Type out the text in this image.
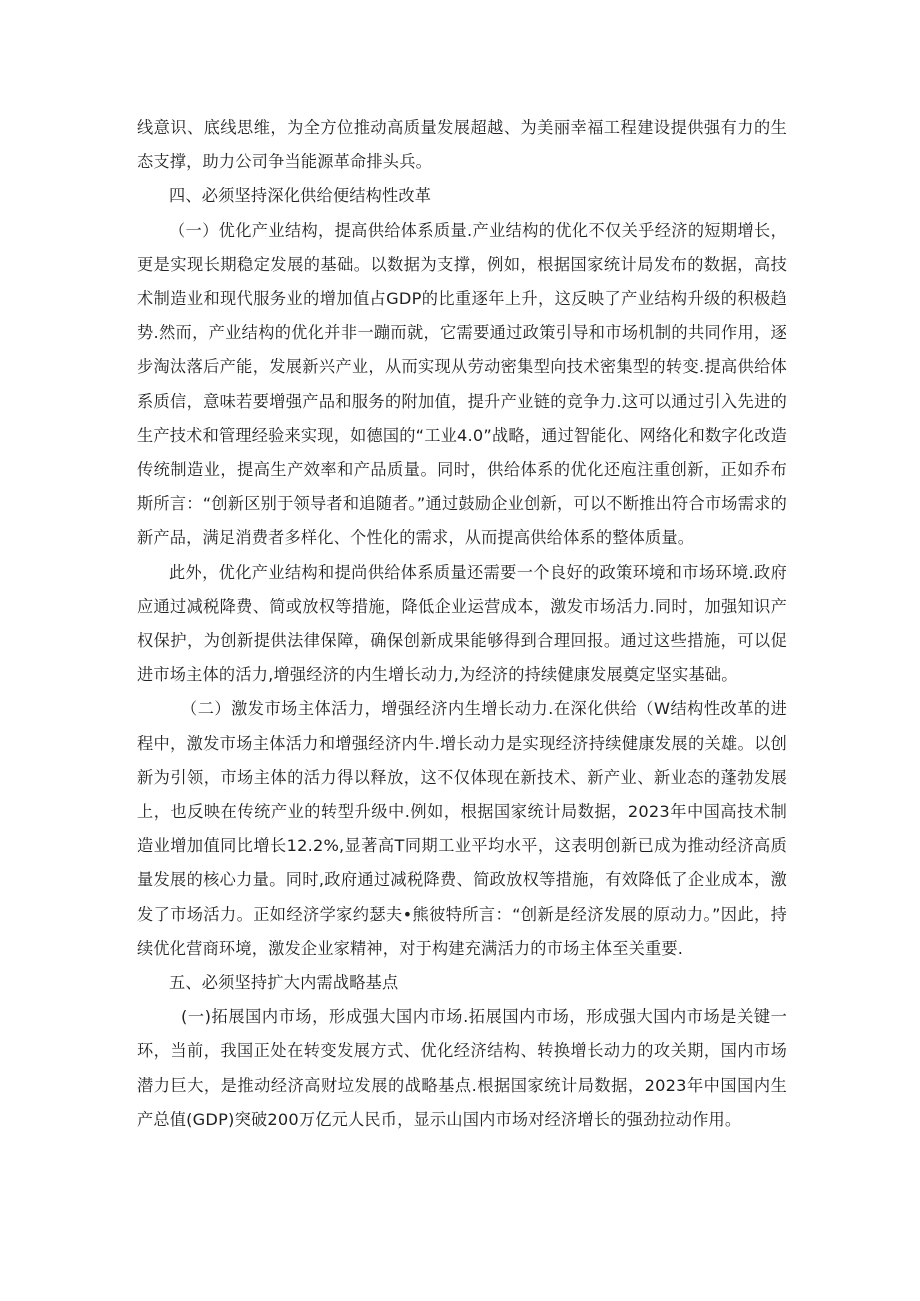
线意识、底线思维，为全方位推动高质量发展超越、为美丽幸福工程建设提供强有力的生态支撑，助力公司争当能源革命排头兵。

四、必须坚持深化供给便结构性改革

（一）优化产业结构，提高供给体系质量.产业结构的优化不仅关乎经济的短期增长，更是实现长期稳定发展的基础。以数据为支撑，例如，根据国家统计局发布的数据，高技术制造业和现代服务业的增加值占GDP的比重逐年上升，这反映了产业结构升级的积极趋势.然而，产业结构的优化并非一蹦而就，它需要通过政策引导和市场机制的共同作用，逐步淘汰落后产能，发展新兴产业，从而实现从劳动密集型向技术密集型的转变.提高供给体系质信，意味若要增强产品和服务的附加值，提升产业链的竞争力.这可以通过引入先进的生产技术和管理经验来实现，如德国的“工业4.0”战略，通过智能化、网络化和数字化改造传统制造业，提高生产效率和产品质量。同时，供给体系的优化还庖注重创新，正如乔布斯所言：“创新区别于领导者和追随者。”通过鼓励企业创新，可以不断推出符合市场需求的新产品，满足消费者多样化、个性化的需求，从而提高供给体系的整体质量。

此外，优化产业结构和提尚供给体系质量还需要一个良好的政策环境和市场环境.政府应通过减税降费、简或放权等措施，降低企业运营成本，激发市场活力.同时，加强知识产权保护，为创新提供法律保障，确保创新成果能够得到合理回报。通过这些措施，可以促进市场主体的活力,增强经济的内生增长动力,为经济的持续健康发展奠定坚实基础。

（二）激发市场主体活力，增强经济内生增长动力.在深化供给（W结构性改革的进程中，激发市场主体活力和增强经济内牛.增长动力是实现经济持续健康发展的关雄。以创新为引领，市场主体的活力得以释放，这不仅体现在新技术、新产业、新业态的蓬勃发展上，也反映在传统产业的转型升级中.例如，根据国家统计局数据，2023年中国高技术制造业增加值同比增长12.2%,显著高T同期工业平均水平，这表明创新已成为推动经济高质量发展的核心力量。同时,政府通过减税降费、简政放权等措施，有效降低了企业成本，激发了市场活力。正如经济学家约瑟夫•熊彼特所言：“创新是经济发展的原动力。”因此，持续优化营商环境，激发企业家精神，对于构建充满活力的市场主体至关重要.

五、必须坚持扩大内需战略基点

(一)拓展国内市场，形成强大国内市场.拓展国内市场，形成强大国内市场是关键一环，当前，我国正处在转变发展方式、优化经济结构、转换增长动力的攻关期，国内市场潜力巨大，是推动经济高财垃发展的战略基点.根据国家统计局数据，2023年中国国内生产总值(GDP)突破200万亿元人民币，显示山国内市场对经济增长的强劲拉动作用。
